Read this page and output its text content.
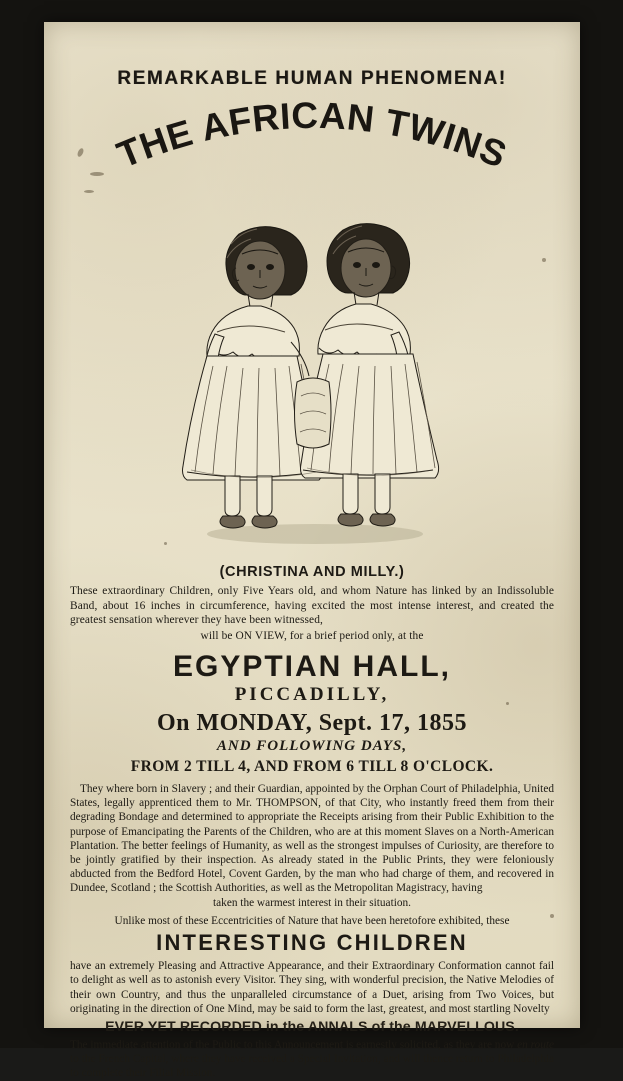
REMARKABLE HUMAN PHENOMENA!
THE AFRICAN TWINS
(CHRISTINA AND MILLY.)
These extraordinary Children, only Five Years old, and whom Nature has linked by an Indissoluble Band, about 16 inches in circumference, having excited the most intense interest, and created the greatest sensation wherever they have been witnessed,
will be ON VIEW, for a brief period only, at the
EGYPTIAN HALL,
PICCADILLY,
On MONDAY, Sept. 17, 1855
AND FOLLOWING DAYS,
FROM 2 TILL 4, AND FROM 6 TILL 8 O'CLOCK.
They where born in Slavery ; and their Guardian, appointed by the Orphan Court of Philadelphia, United States, legally apprenticed them to Mr. THOMPSON, of that City, who instantly freed them from their degrading Bondage and determined to appropriate the Receipts arising from their Public Exhibition to the purpose of Emancipating the Parents of the Children, who are at this moment Slaves on a North-American Plantation. The better feelings of Humanity, as well as the strongest impulses of Curiosity, are therefore to be jointly gratified by their inspection. As already stated in the Public Prints, they were feloniously abducted from the Bedford Hotel, Covent Garden, by the man who had charge of them, and recovered in Dundee, Scotland ; the Scottish Authorities, as well as the Metropolitan Magistracy, having
taken the warmest interest in their situation.
Unlike most of these Eccentricities of Nature that have been heretofore exhibited, these
INTERESTING CHILDREN
have an extremely Pleasing and Attractive Appearance, and their Extraordinary Conformation cannot fail to delight as well as to astonish every Visitor. They sing, with wonderful precision, the Native Melodies of their own Country, and thus the unparalleled circumstance of a Duet, arising from Two Voices, but originating in the direction of One Mind, may be said to form the last, greatest, and most startling Novelty
EVER YET RECORDED in the ANNALS of the MARVELLOUS.
The immediate attention of the Public to this Announcement is earnestly solicited, as they are now en route to the French Capital, where they have received a Special Invitation, and will thence return to Philadelphia to complete their Filial Mission.
